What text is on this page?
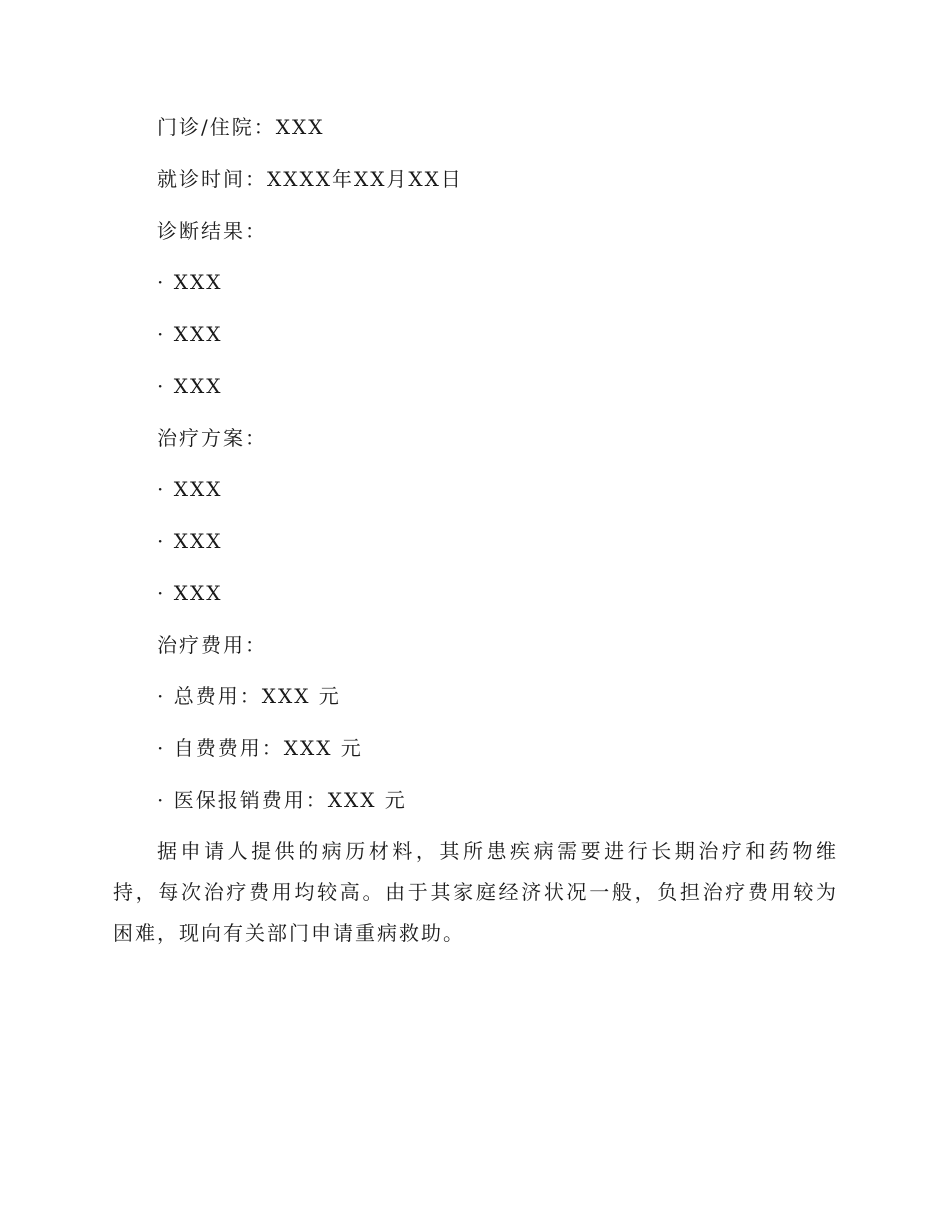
门诊/住院：XXX
就诊时间：XXXX年XX月XX日
诊断结果：
· XXX
· XXX
· XXX
治疗方案：
· XXX
· XXX
· XXX
治疗费用：
· 总费用：XXX 元
· 自费费用：XXX 元
· 医保报销费用：XXX 元

据申请人提供的病历材料，其所患疾病需要进行长期治疗和药物维持，每次治疗费用均较高。由于其家庭经济状况一般，负担治疗费用较为困难，现向有关部门申请重病救助。
